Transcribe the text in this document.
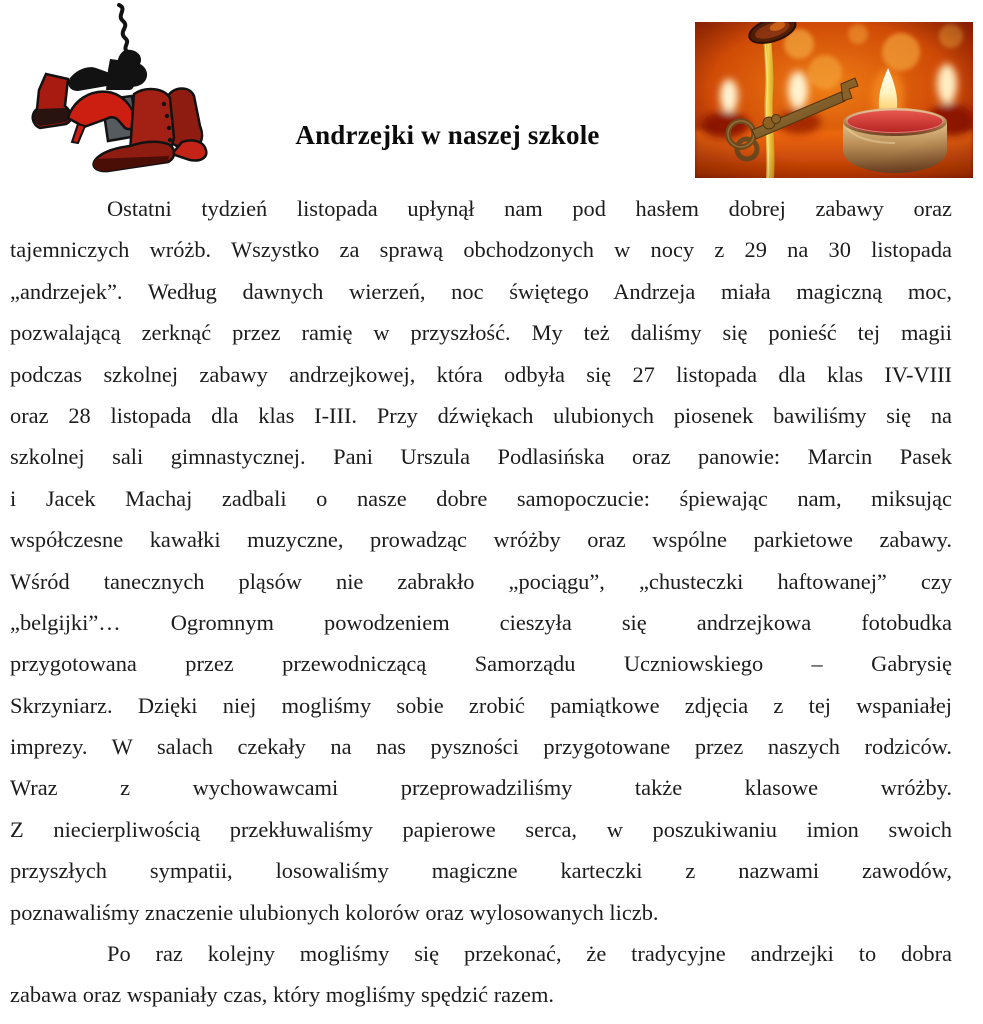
Andrzejki w naszej szkole
Ostatni tydzień listopada upłynął nam pod hasłem dobrej zabawy oraz
tajemniczych wróżb. Wszystko za sprawą obchodzonych w nocy z 29 na 30 listopada
„andrzejek”. Według dawnych wierzeń, noc świętego Andrzeja miała magiczną moc,
pozwalającą zerknąć przez ramię w przyszłość. My też daliśmy się ponieść tej magii
podczas szkolnej zabawy andrzejkowej, która odbyła się 27 listopada dla klas IV-VIII
oraz 28 listopada dla klas I-III. Przy dźwiękach ulubionych piosenek bawiliśmy się na
szkolnej sali gimnastycznej. Pani Urszula Podlasińska oraz panowie: Marcin Pasek
i Jacek Machaj zadbali o nasze dobre samopoczucie: śpiewając nam, miksując
współczesne kawałki muzyczne, prowadząc wróżby oraz wspólne parkietowe zabawy.
Wśród tanecznych pląsów nie zabrakło „pociągu”, „chusteczki haftowanej” czy
„belgijki”… Ogromnym powodzeniem cieszyła się andrzejkowa fotobudka
przygotowana przez przewodniczącą Samorządu Uczniowskiego – Gabrysię
Skrzyniarz. Dzięki niej mogliśmy sobie zrobić pamiątkowe zdjęcia z tej wspaniałej
imprezy. W salach czekały na nas pyszności przygotowane przez naszych rodziców.
Wraz z wychowawcami przeprowadziliśmy także klasowe wróżby.
Z niecierpliwością przekłuwaliśmy papierowe serca, w poszukiwaniu imion swoich
przyszłych sympatii, losowaliśmy magiczne karteczki z nazwami zawodów,
poznawaliśmy znaczenie ulubionych kolorów oraz wylosowanych liczb.
Po raz kolejny mogliśmy się przekonać, że tradycyjne andrzejki to dobra
zabawa oraz wspaniały czas, który mogliśmy spędzić razem.
